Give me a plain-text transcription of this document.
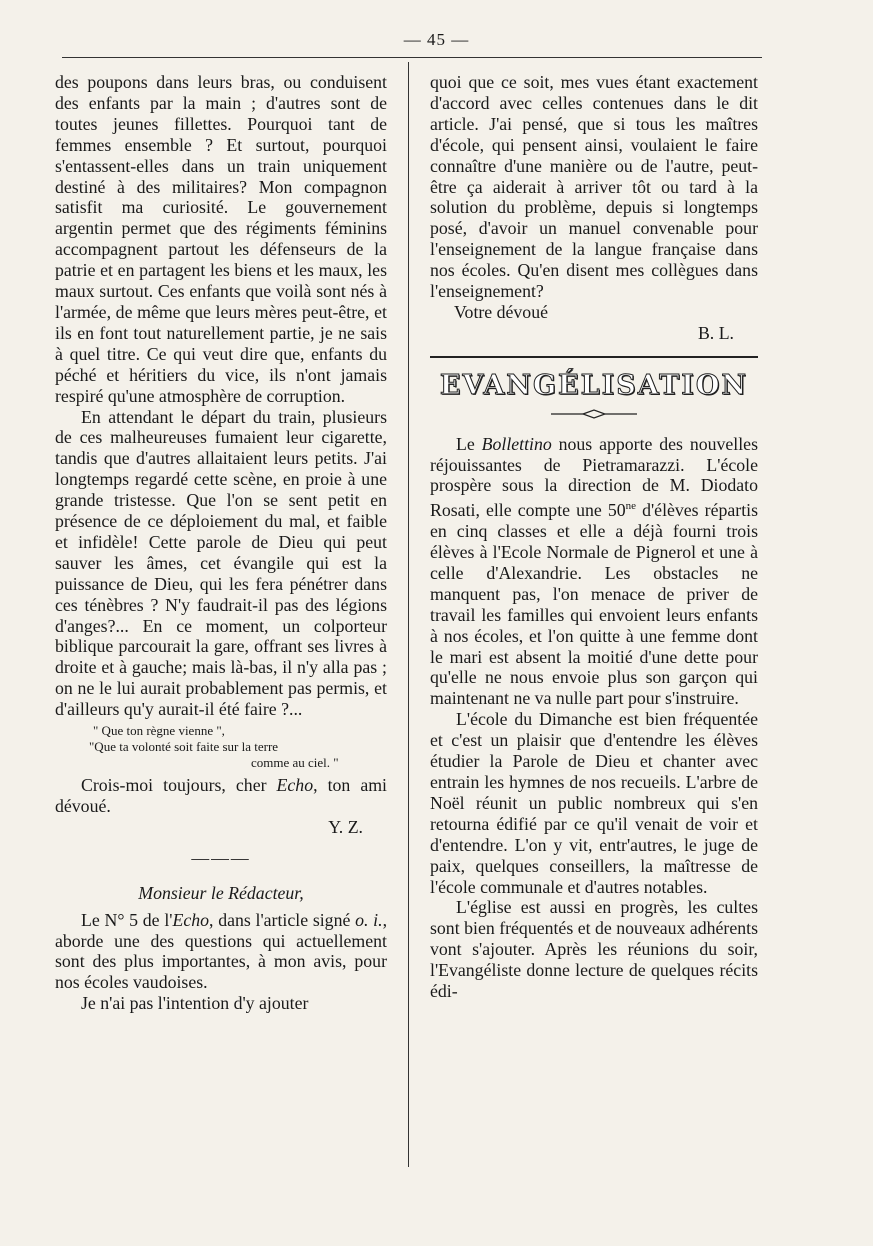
— 45 —

des poupons dans leurs bras, ou conduisent des enfants par la main ; d'autres sont de toutes jeunes fillettes. Pourquoi tant de femmes ensemble ? Et surtout, pourquoi s'entassent-elles dans un train uniquement destiné à des militaires? Mon compagnon satisfit ma curiosité. Le gouvernement argentin permet que des régiments féminins accompagnent partout les défenseurs de la patrie et en partagent les biens et les maux, les maux surtout. Ces enfants que voilà sont nés à l'armée, de même que leurs mères peut-être, et ils en font tout naturellement partie, je ne sais à quel titre. Ce qui veut dire que, enfants du péché et héritiers du vice, ils n'ont jamais respiré qu'une atmosphère de corruption.

En attendant le départ du train, plusieurs de ces malheureuses fumaient leur cigarette, tandis que d'autres allaitaient leurs petits. J'ai longtemps regardé cette scène, en proie à une grande tristesse. Que l'on se sent petit en présence de ce déploiement du mal, et faible et infidèle! Cette parole de Dieu qui peut sauver les âmes, cet évangile qui est la puissance de Dieu, qui les fera pénétrer dans ces ténèbres ? N'y faudrait-il pas des légions d'anges?... En ce moment, un colporteur biblique parcourait la gare, offrant ses livres à droite et à gauche; mais là-bas, il n'y alla pas ; on ne le lui aurait probablement pas permis, et d'ailleurs qu'y aurait-il été faire ?...

" Que ton règne vienne ",
"Que ta volonté soit faite sur la terre
comme au ciel. "

Crois-moi toujours, cher Echo, ton ami dévoué.

Y. Z.

———

Monsieur le Rédacteur,

Le N° 5 de l'Echo, dans l'article signé o. i., aborde une des questions qui actuellement sont des plus importantes, à mon avis, pour nos écoles vaudoises.

Je n'ai pas l'intention d'y ajouter

quoi que ce soit, mes vues étant exactement d'accord avec celles contenues dans le dit article. J'ai pensé, que si tous les maîtres d'école, qui pensent ainsi, voulaient le faire connaître d'une manière ou de l'autre, peut-être ça aiderait à arriver tôt ou tard à la solution du problème, depuis si longtemps posé, d'avoir un manuel convenable pour l'enseignement de la langue française dans nos écoles. Qu'en disent mes collègues dans l'enseignement?

Votre dévoué

B. L.

EVANGÉLISATION

Le Bollettino nous apporte des nouvelles réjouissantes de Pietramarazzi. L'école prospère sous la direction de M. Diodato Rosati, elle compte une $50^{ne}$ d'élèves répartis en cinq classes et elle a déjà fourni trois élèves à l'Ecole Normale de Pignerol et une à celle d'Alexandrie. Les obstacles ne manquent pas, l'on menace de priver de travail les familles qui envoient leurs enfants à nos écoles, et l'on quitte à une femme dont le mari est absent la moitié d'une dette pour qu'elle ne nous envoie plus son garçon qui maintenant ne va nulle part pour s'instruire.

L'école du Dimanche est bien fréquentée et c'est un plaisir que d'entendre les élèves étudier la Parole de Dieu et chanter avec entrain les hymnes de nos recueils. L'arbre de Noël réunit un public nombreux qui s'en retourna édifié par ce qu'il venait de voir et d'entendre. L'on y vit, entr'autres, le juge de paix, quelques conseillers, la maîtresse de l'école communale et d'autres notables.

L'église est aussi en progrès, les cultes sont bien fréquentés et de nouveaux adhérents vont s'ajouter. Après les réunions du soir, l'Evangéliste donne lecture de quelques récits édi-
